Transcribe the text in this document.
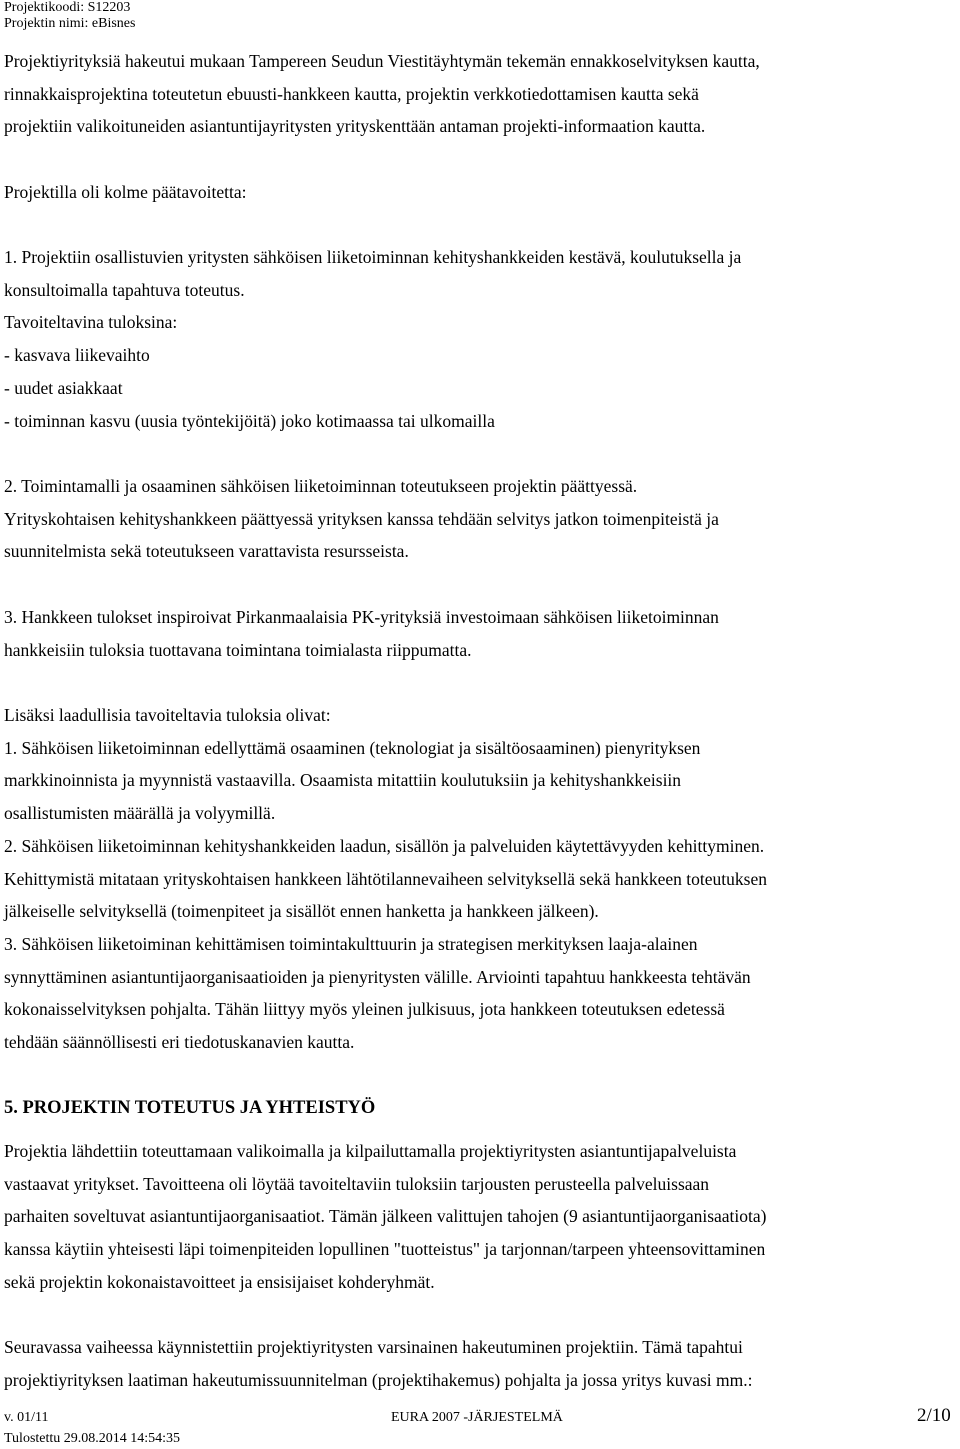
Projektikoodi: S12203
Projektin nimi: eBisnes
Projektiyrityksiä hakeutui mukaan Tampereen Seudun Viestitäyhtymän tekemän ennakkoselvityksen kautta,
rinnakkaisprojektina toteutetun ebuusti-hankkeen kautta, projektin verkkotiedottamisen kautta sekä
projektiin valikoituneiden asiantuntijayritysten yrityskenttään antaman projekti-informaation kautta.
Projektilla oli kolme päätavoitetta:
1. Projektiin osallistuvien yritysten sähköisen liiketoiminnan kehityshankkeiden kestävä, koulutuksella ja
konsultoimalla tapahtuva toteutus.
Tavoiteltavina tuloksina:
- kasvava liikevaihto
- uudet asiakkaat
- toiminnan kasvu (uusia työntekijöitä) joko kotimaassa tai ulkomailla
2. Toimintamalli ja osaaminen sähköisen liiketoiminnan toteutukseen projektin päättyessä.
Yrityskohtaisen kehityshankkeen päättyessä yrityksen kanssa tehdään selvitys jatkon toimenpiteistä ja
suunnitelmista sekä toteutukseen varattavista resursseista.
3. Hankkeen tulokset inspiroivat Pirkanmaalaisia PK-yrityksiä investoimaan sähköisen liiketoiminnan
hankkeisiin tuloksia tuottavana toimintana toimialasta riippumatta.
Lisäksi laadullisia tavoiteltavia tuloksia olivat:
1. Sähköisen liiketoiminnan edellyttämä osaaminen (teknologiat ja sisältöosaaminen) pienyrityksen
markkinoinnista ja myynnistä vastaavilla. Osaamista mitattiin koulutuksiin ja kehityshankkeisiin
osallistumisten määrällä ja volyymillä.
2. Sähköisen liiketoiminnan kehityshankkeiden laadun, sisällön ja palveluiden käytettävyyden kehittyminen.
Kehittymistä mitataan yrityskohtaisen hankkeen lähtötilannevaiheen selvityksellä sekä hankkeen toteutuksen
jälkeiselle selvityksellä (toimenpiteet ja sisällöt ennen hanketta ja hankkeen jälkeen).
3. Sähköisen liiketoiminan kehittämisen toimintakulttuurin ja strategisen merkityksen laaja-alainen
synnyttäminen asiantuntijaorganisaatioiden ja pienyritysten välille. Arviointi tapahtuu hankkeesta tehtävän
kokonaisselvityksen pohjalta. Tähän liittyy myös yleinen julkisuus, jota hankkeen toteutuksen edetessä
tehdään säännöllisesti eri tiedotuskanavien kautta.
5. PROJEKTIN TOTEUTUS JA YHTEISTYÖ
Projektia lähdettiin toteuttamaan valikoimalla ja kilpailuttamalla projektiyritysten asiantuntijapalveluista
vastaavat yritykset. Tavoitteena oli löytää tavoiteltaviin tuloksiin tarjousten perusteella palveluissaan
parhaiten soveltuvat asiantuntijaorganisaatiot. Tämän jälkeen valittujen tahojen (9 asiantuntijaorganisaatiota)
kanssa käytiin yhteisesti läpi toimenpiteiden lopullinen "tuotteistus" ja tarjonnan/tarpeen yhteensovittaminen
sekä projektin kokonaistavoitteet ja ensisijaiset kohderyhmät.
Seuravassa vaiheessa käynnistettiin projektiyritysten varsinainen hakeutuminen projektiin. Tämä tapahtui
projektiyrityksen laatiman hakeutumissuunnitelman (projektihakemus) pohjalta ja jossa yritys kuvasi mm.:
v. 01/11	EURA 2007 -JÄRJESTELMÄ	2/10
Tulostettu 29.08.2014 14:54:35
